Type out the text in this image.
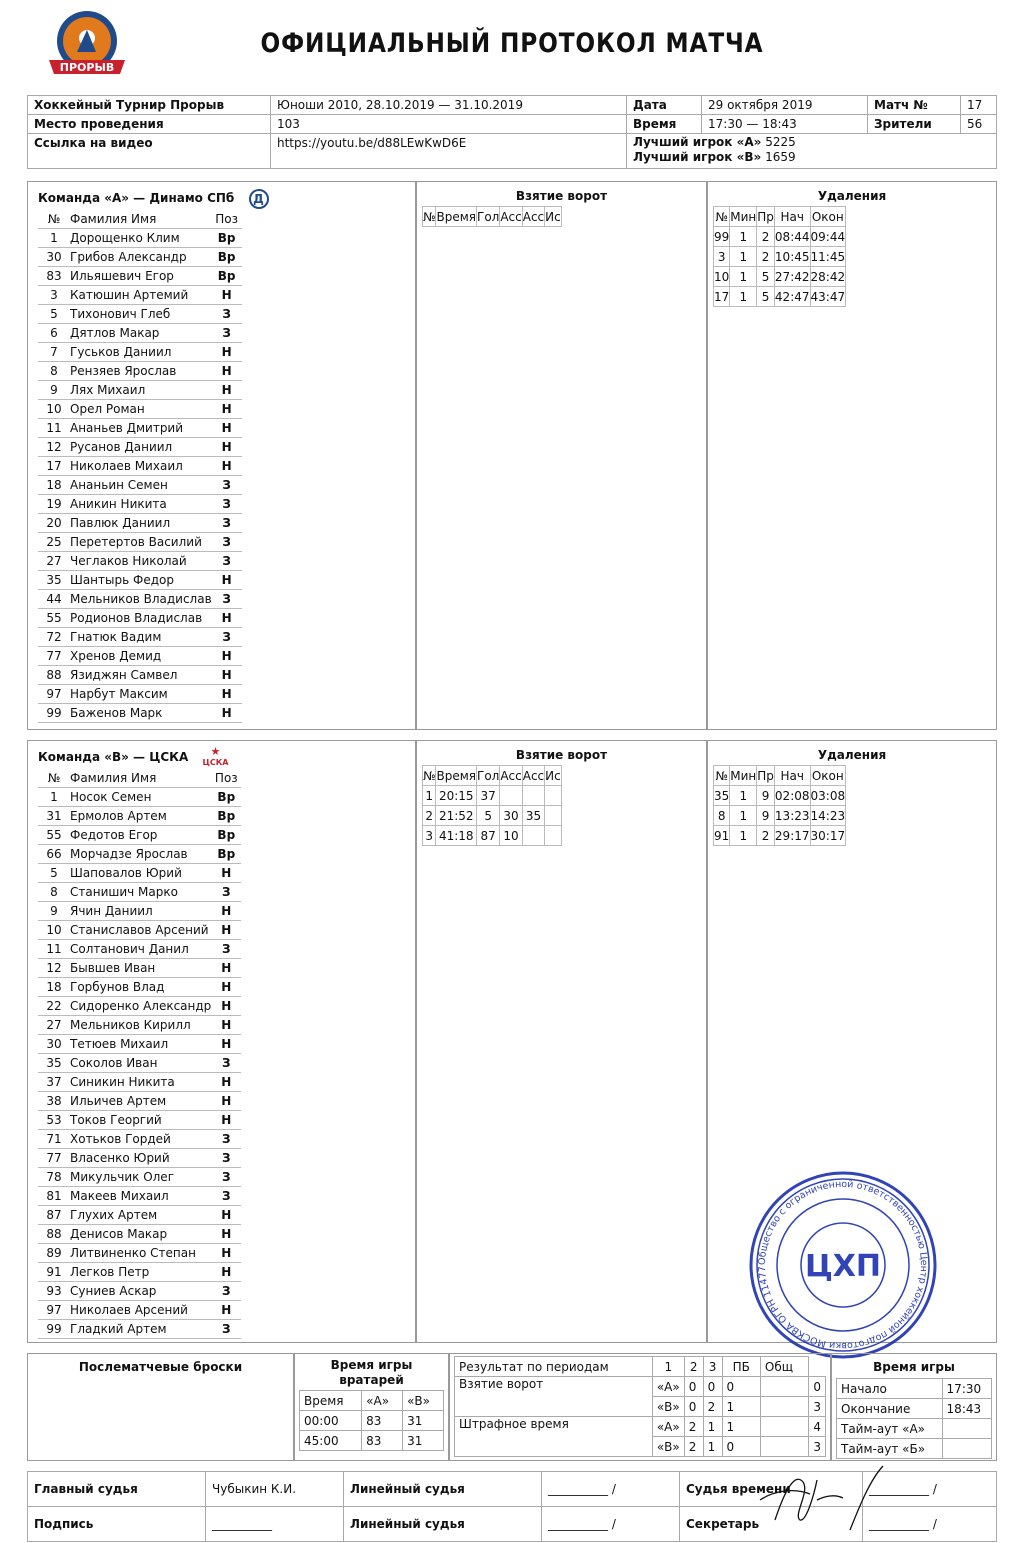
ПРОРЫВ
ОФИЦИАЛЬНЫЙ ПРОТОКОЛ МАТЧА
Хоккейный Турнир Прорыв	Юноши 2010, 28.10.2019 — 31.10.2019	Дата	29 октября 2019	Матч №	17
Место проведения	103	Время	17:30 — 18:43	Зрители	56
Ссылка на видео	https://youtu.be/d88LEwKwD6E	Лучший игрок «А» 5225
Лучший игрок «В» 1659			
Команда «А» — Динамо СПб Д
№	Фамилия Имя	Поз
1	Дорощенко Клим	Вр
30	Грибов Александр	Вр
83	Ильяшевич Егор	Вр
3	Катюшин Артемий	Н
5	Тихонович Глеб	З
6	Дятлов Макар	З
7	Гуськов Даниил	Н
8	Рензяев Ярослав	Н
9	Лях Михаил	Н
10	Орел Роман	Н
11	Ананьев Дмитрий	Н
12	Русанов Даниил	Н
17	Николаев Михаил	Н
18	Ананьин Семен	З
19	Аникин Никита	З
20	Павлюк Даниил	З
25	Перетертов Василий	З
27	Чеглаков Николай	З
35	Шантырь Федор	Н
44	Мельников Владислав	З
55	Родионов Владислав	Н
72	Гнатюк Вадим	З
77	Хренов Демид	Н
88	Язиджян Самвел	Н
97	Нарбут Максим	Н
99	Баженов Марк	Н
Взятие ворот
№	Время	Гол	Асс	Асс	Ис
Удаления
№	Мин	Пр	Нач	Окон
99	1	2	08:44	09:44
3	1	2	10:45	11:45
10	1	5	27:42	28:42
17	1	5	42:47	43:47
Команда «В» — ЦСКА ★
ЦСКА
№	Фамилия Имя	Поз
1	Носок Семен	Вр
31	Ермолов Артем	Вр
55	Федотов Егор	Вр
66	Морчадзе Ярослав	Вр
5	Шаповалов Юрий	Н
8	Станишич Марко	З
9	Ячин Даниил	Н
10	Станиславов Арсений	Н
11	Солтанович Данил	З
12	Бывшев Иван	Н
18	Горбунов Влад	Н
22	Сидоренко Александр	Н
27	Мельников Кирилл	Н
30	Тетюев Михаил	Н
35	Соколов Иван	З
37	Синикин Никита	Н
38	Ильичев Артем	Н
53	Токов Георгий	Н
71	Хотьков Гордей	З
77	Власенко Юрий	З
78	Микульчик Олег	З
81	Макеев Михаил	З
87	Глухих Артем	Н
88	Денисов Макар	Н
89	Литвиненко Степан	Н
91	Легков Петр	Н
93	Суниев Аскар	З
97	Николаев Арсений	Н
99	Гладкий Артем	З
Взятие ворот
№	Время	Гол	Асс	Асс	Ис
1	20:15	37			
2	21:52	5	30	35	
3	41:18	87	10		
Удаления
№	Мин	Пр	Нач	Окон
35	1	9	02:08	03:08
8	1	9	13:23	14:23
91	1	2	29:17	30:17
Общество с ограниченной ответственностью Центр хоккейной подготовки МОСКВА ОГРН 11477	ЦХП
Послематчевые броски	Время игры вратарей
Время	«А»	«В»
00:00	83	31
45:00	83	31
Результат по периодам	1	2	3	ПБ	Общ	
Взятие ворот	«А»	0	0	0		0
	«В»	0	2	1		3
Штрафное время	«А»	2	1	1		4
	«В»	2	1	0		3
Время игры
Начало	17:30
Окончание	18:43
Тайм-аут «А»	
Тайм-аут «Б»	
Главный судья	Чубыкин К.И.	Линейный судья	__________ /	Судья времени	__________ /
Подпись	__________	Линейный судья	__________ /	Секретарь	__________ /
